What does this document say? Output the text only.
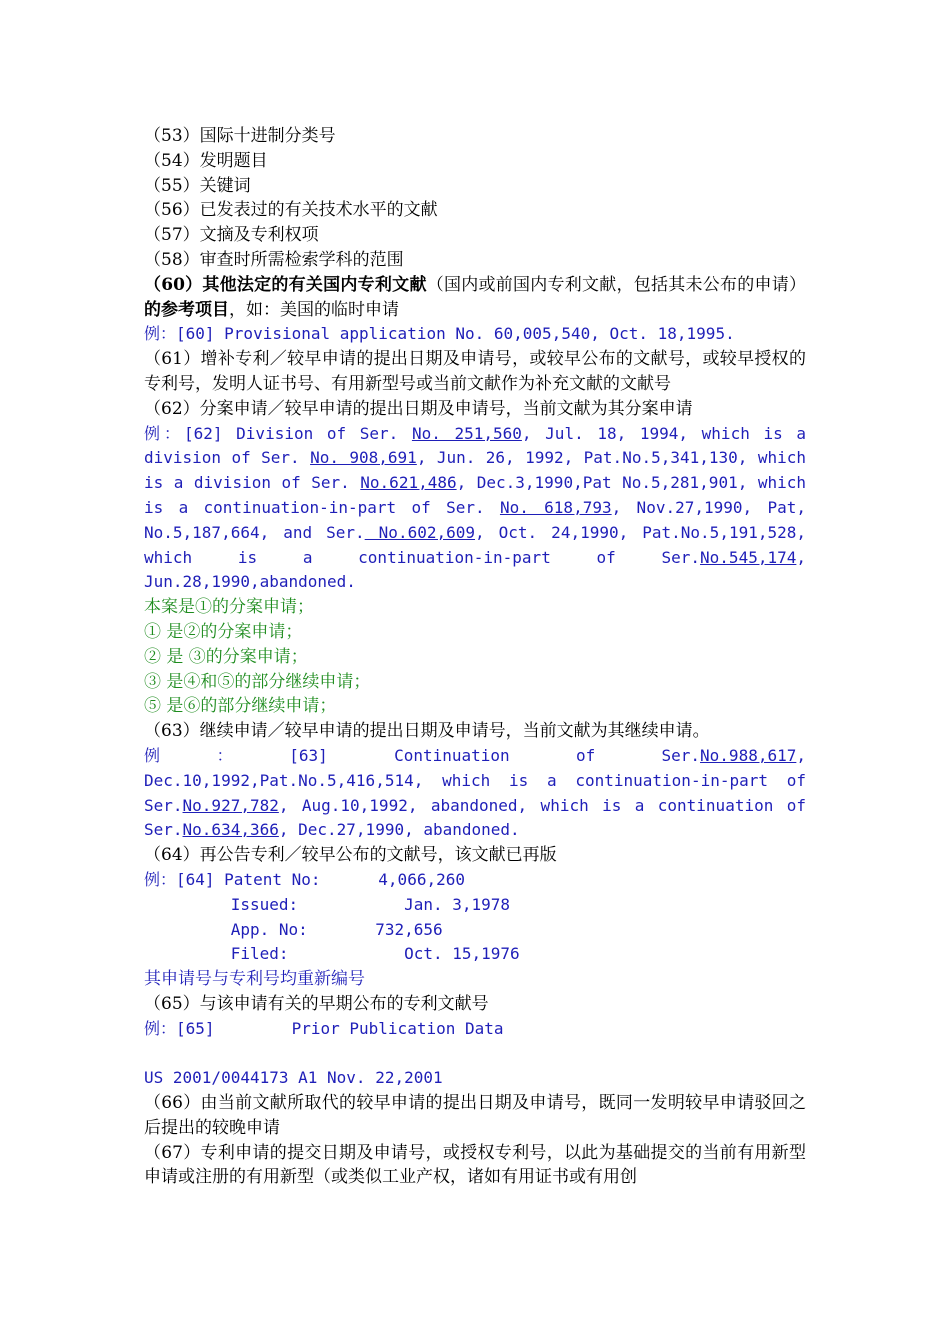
（53）国际十进制分类号

（54）发明题目

（55）关键词

（56）已发表过的有关技术水平的文献

（57）文摘及专利权项

（58）审查时所需检索学科的范围

（60）其他法定的有关国内专利文献（国内或前国内专利文献，包括其未公布的申请）的参考项目，如：美国的临时申请

例：[60] Provisional application No. 60,005,540, Oct. 18,1995.

（61）增补专利／较早申请的提出日期及申请号，或较早公布的文献号，或较早授权的专利号，发明人证书号、有用新型号或当前文献作为补充文献的文献号

（62）分案申请／较早申请的提出日期及申请号，当前文献为其分案申请

例：[62] Division of Ser. No. 251,560, Jul. 18, 1994, which is a division of Ser. No. 908,691, Jun. 26, 1992, Pat.No.5,341,130, which is a division of Ser. No.621,486, Dec.3,1990,Pat No.5,281,901, which is a continuation-in-part of Ser. No. 618,793, Nov.27,1990, Pat, No.5,187,664, and Ser. No.602,609, Oct. 24,1990, Pat.No.5,191,528, which is a continuation-in-part of Ser.No.545,174, Jun.28,1990,abandoned.

本案是①的分案申请；

① 是②的分案申请；

② 是 ③的分案申请；

③ 是④和⑤的部分继续申请；

⑤ 是⑥的部分继续申请；

（63）继续申请／较早申请的提出日期及申请号，当前文献为其继续申请。

例：[63] Continuation of Ser.No.988,617, Dec.10,1992,Pat.No.5,416,514, which is a continuation-in-part of Ser.No.927,782, Aug.10,1992, abandoned, which is a continuation of Ser.No.634,366, Dec.27,1990, abandoned.

（64）再公告专利／较早公布的文献号，该文献已再版

例：[64] Patent No:      4,066,260

Issued:           Jan. 3,1978

App. No:       732,656

Filed:            Oct. 15,1976

其申请号与专利号均重新编号

（65）与该申请有关的早期公布的专利文献号

例：[65]        Prior Publication Data

US 2001/0044173 A1 Nov. 22,2001

（66）由当前文献所取代的较早申请的提出日期及申请号，既同一发明较早申请驳回之后提出的较晚申请

（67）专利申请的提交日期及申请号，或授权专利号，以此为基础提交的当前有用新型申请或注册的有用新型（或类似工业产权，诸如有用证书或有用创
